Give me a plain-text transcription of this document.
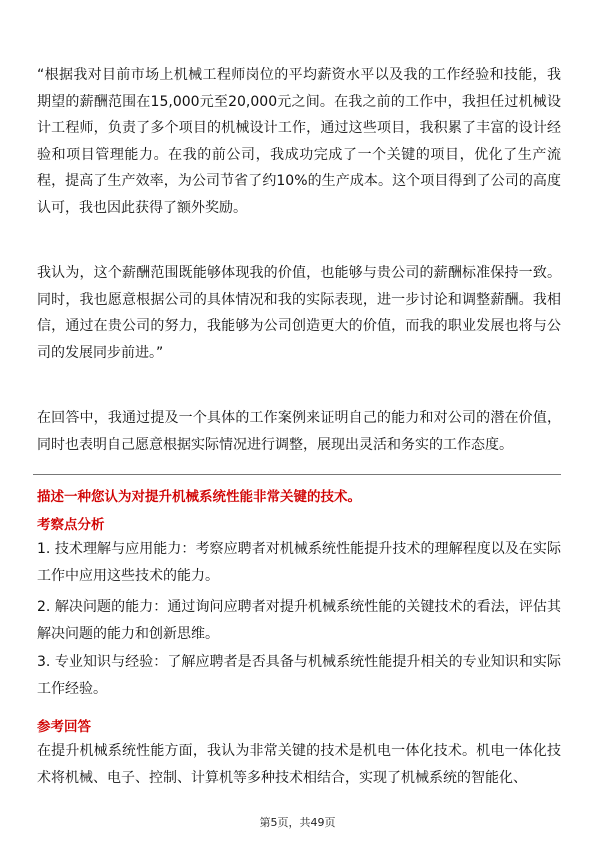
“根据我对目前市场上机械工程师岗位的平均薪资水平以及我的工作经验和技能，我期望的薪酬范围在15,000元至20,000元之间。在我之前的工作中，我担任过机械设计工程师，负责了多个项目的机械设计工作，通过这些项目，我积累了丰富的设计经验和项目管理能力。在我的前公司，我成功完成了一个关键的项目，优化了生产流程，提高了生产效率，为公司节省了约10%的生产成本。这个项目得到了公司的高度认可，我也因此获得了额外奖励。

我认为，这个薪酬范围既能够体现我的价值，也能够与贵公司的薪酬标准保持一致。同时，我也愿意根据公司的具体情况和我的实际表现，进一步讨论和调整薪酬。我相信，通过在贵公司的努力，我能够为公司创造更大的价值，而我的职业发展也将与公司的发展同步前进。”

在回答中，我通过提及一个具体的工作案例来证明自己的能力和对公司的潜在价值，同时也表明自己愿意根据实际情况进行调整，展现出灵活和务实的工作态度。

描述一种您认为对提升机械系统性能非常关键的技术。

考察点分析

1. 技术理解与应用能力：考察应聘者对机械系统性能提升技术的理解程度以及在实际工作中应用这些技术的能力。

2. 解决问题的能力：通过询问应聘者对提升机械系统性能的关键技术的看法，评估其解决问题的能力和创新思维。

3. 专业知识与经验：了解应聘者是否具备与机械系统性能提升相关的专业知识和实际工作经验。

参考回答

在提升机械系统性能方面，我认为非常关键的技术是机电一体化技术。机电一体化技术将机械、电子、控制、计算机等多种技术相结合，实现了机械系统的智能化、

第5页，共49页
